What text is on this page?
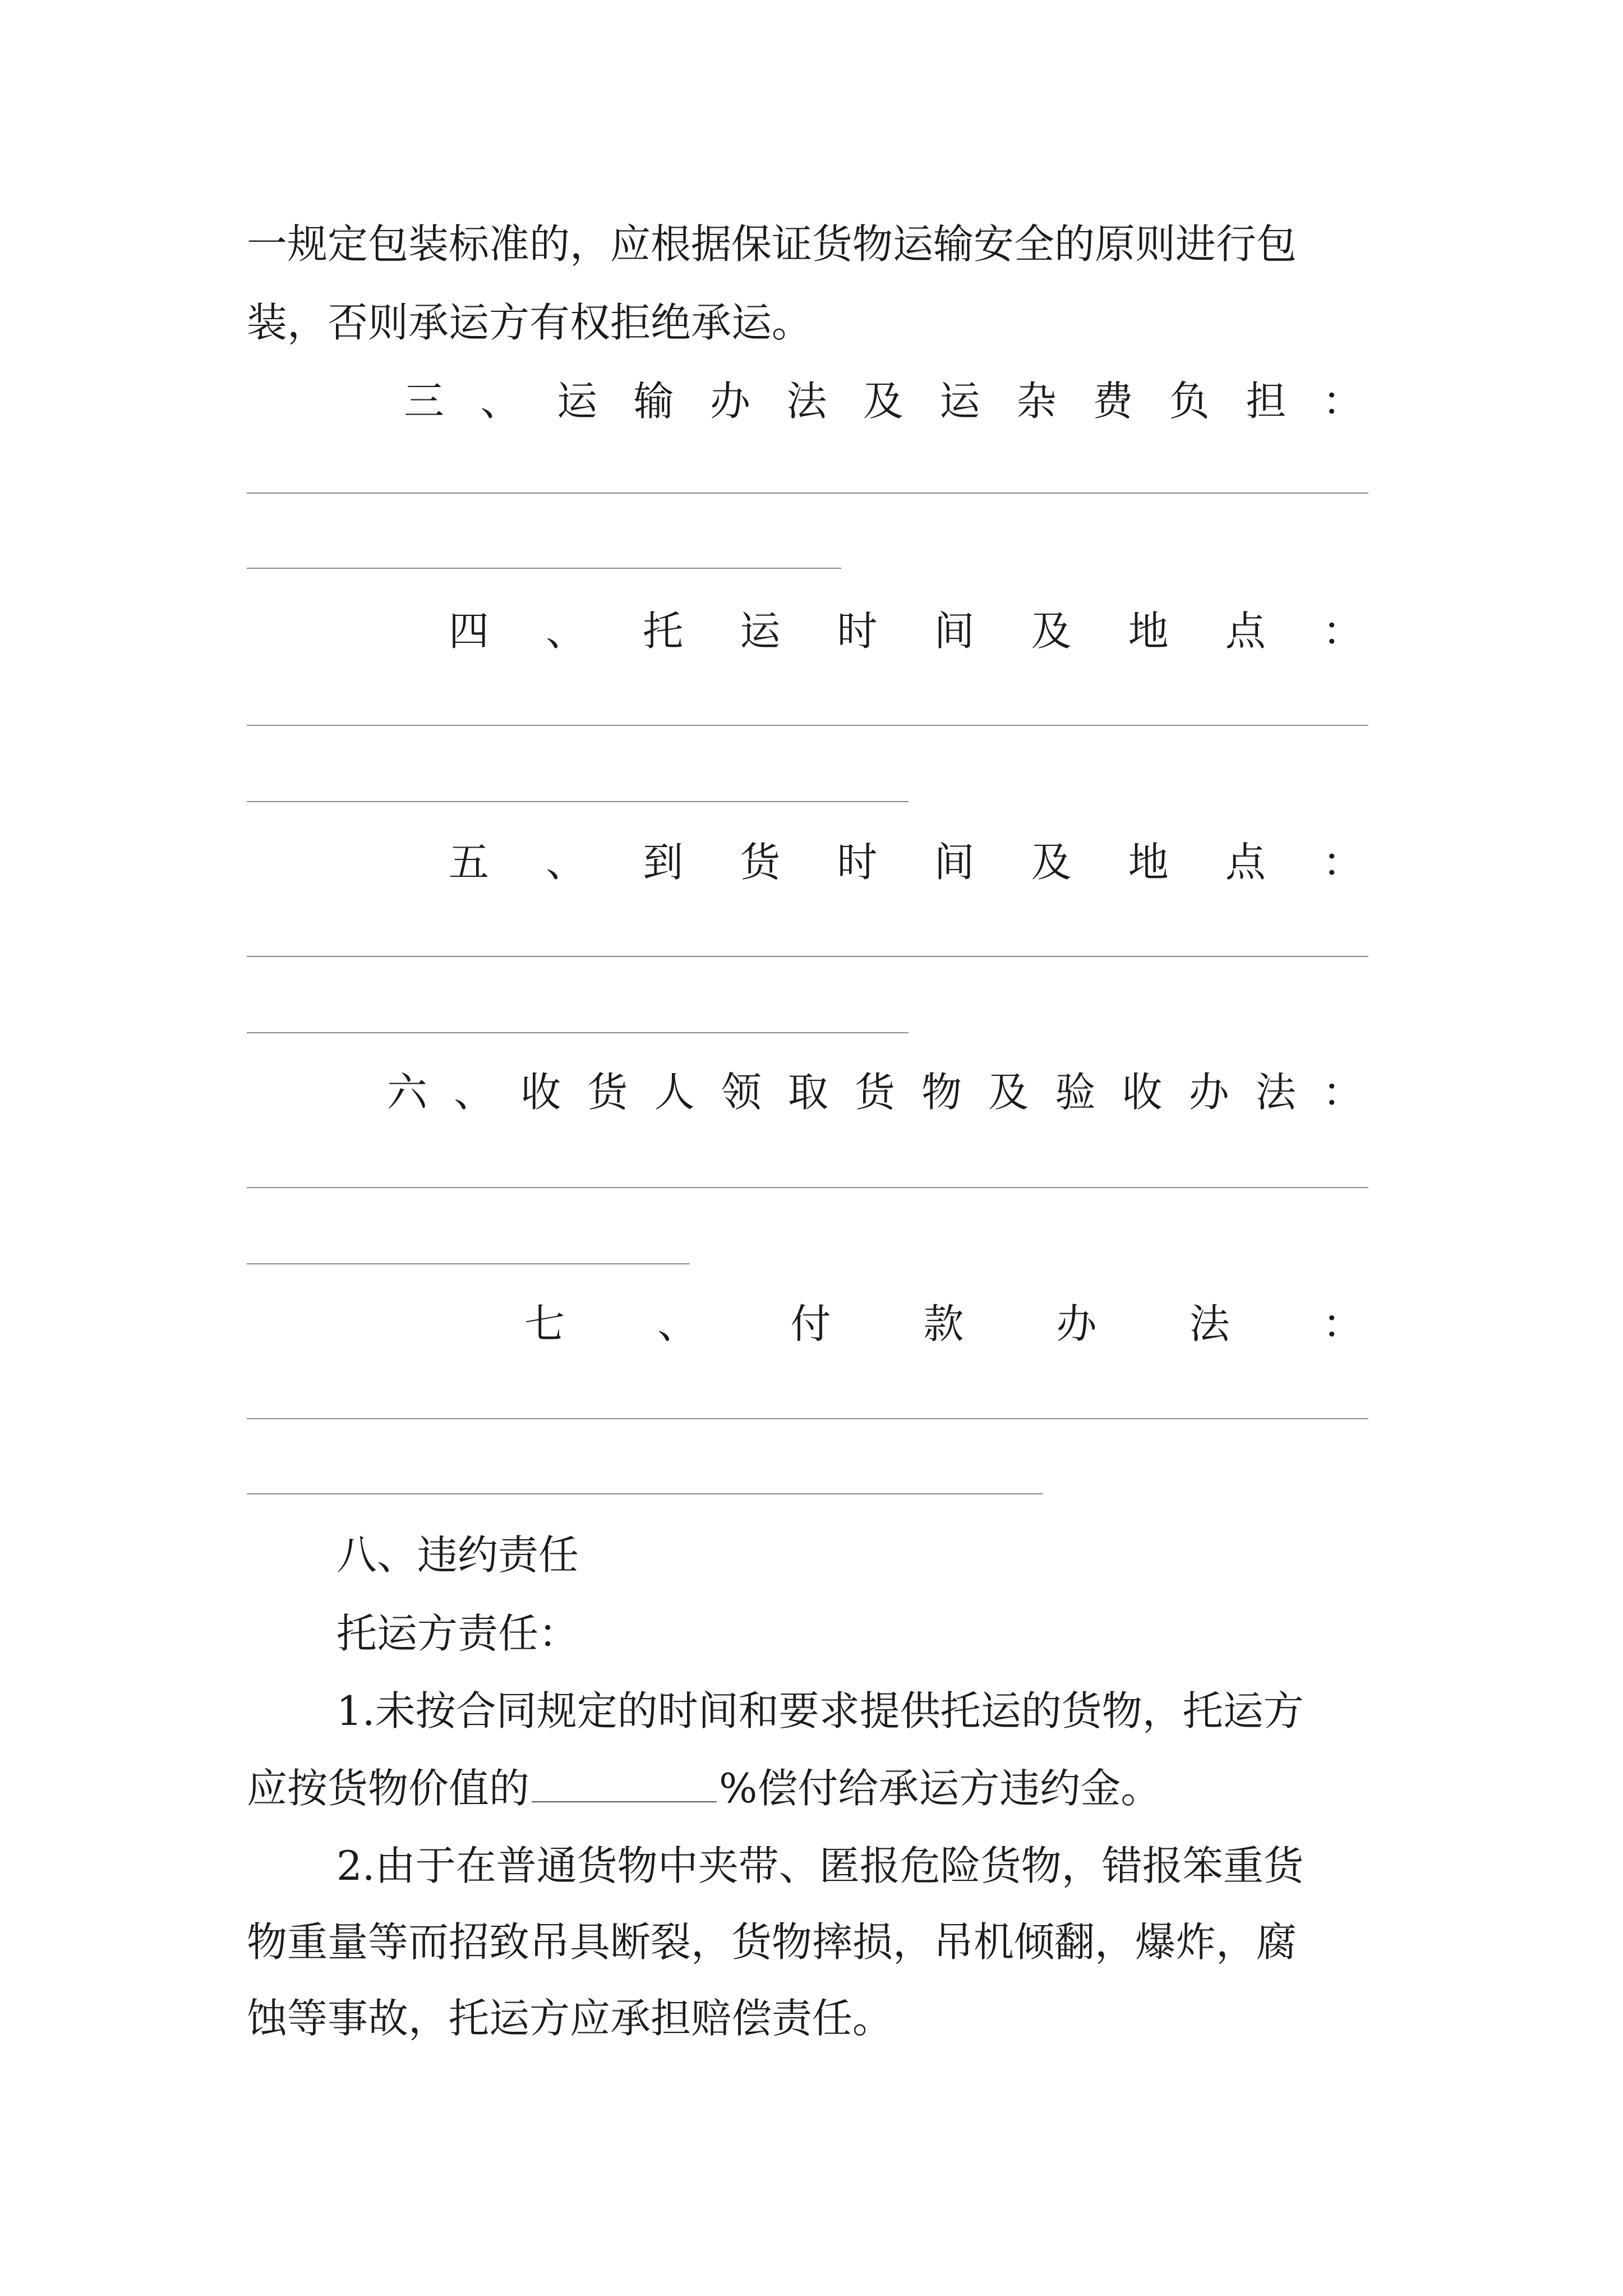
一规定包装标准的，应根据保证货物运输安全的原则进行包
装，否则承运方有权拒绝承运。
三 、 运 输 办 法 及 运 杂 费 负 担 ：
四 、 托 运 时 间 及 地 点 ：
五 、 到 货 时 间 及 地 点 ：
六 、 收 货 人 领 取 货 物 及 验 收 办 法 ：
七 、 付 款 办 法 ：
八、违约责任
托运方责任：
1.未按合同规定的时间和要求提供托运的货物，托运方
应按货物价值的	%偿付给承运方违约金。
2.由于在普通货物中夹带、匿报危险货物，错报笨重货
物重量等而招致吊具断裂，货物摔损，吊机倾翻，爆炸，腐
蚀等事故，托运方应承担赔偿责任。
